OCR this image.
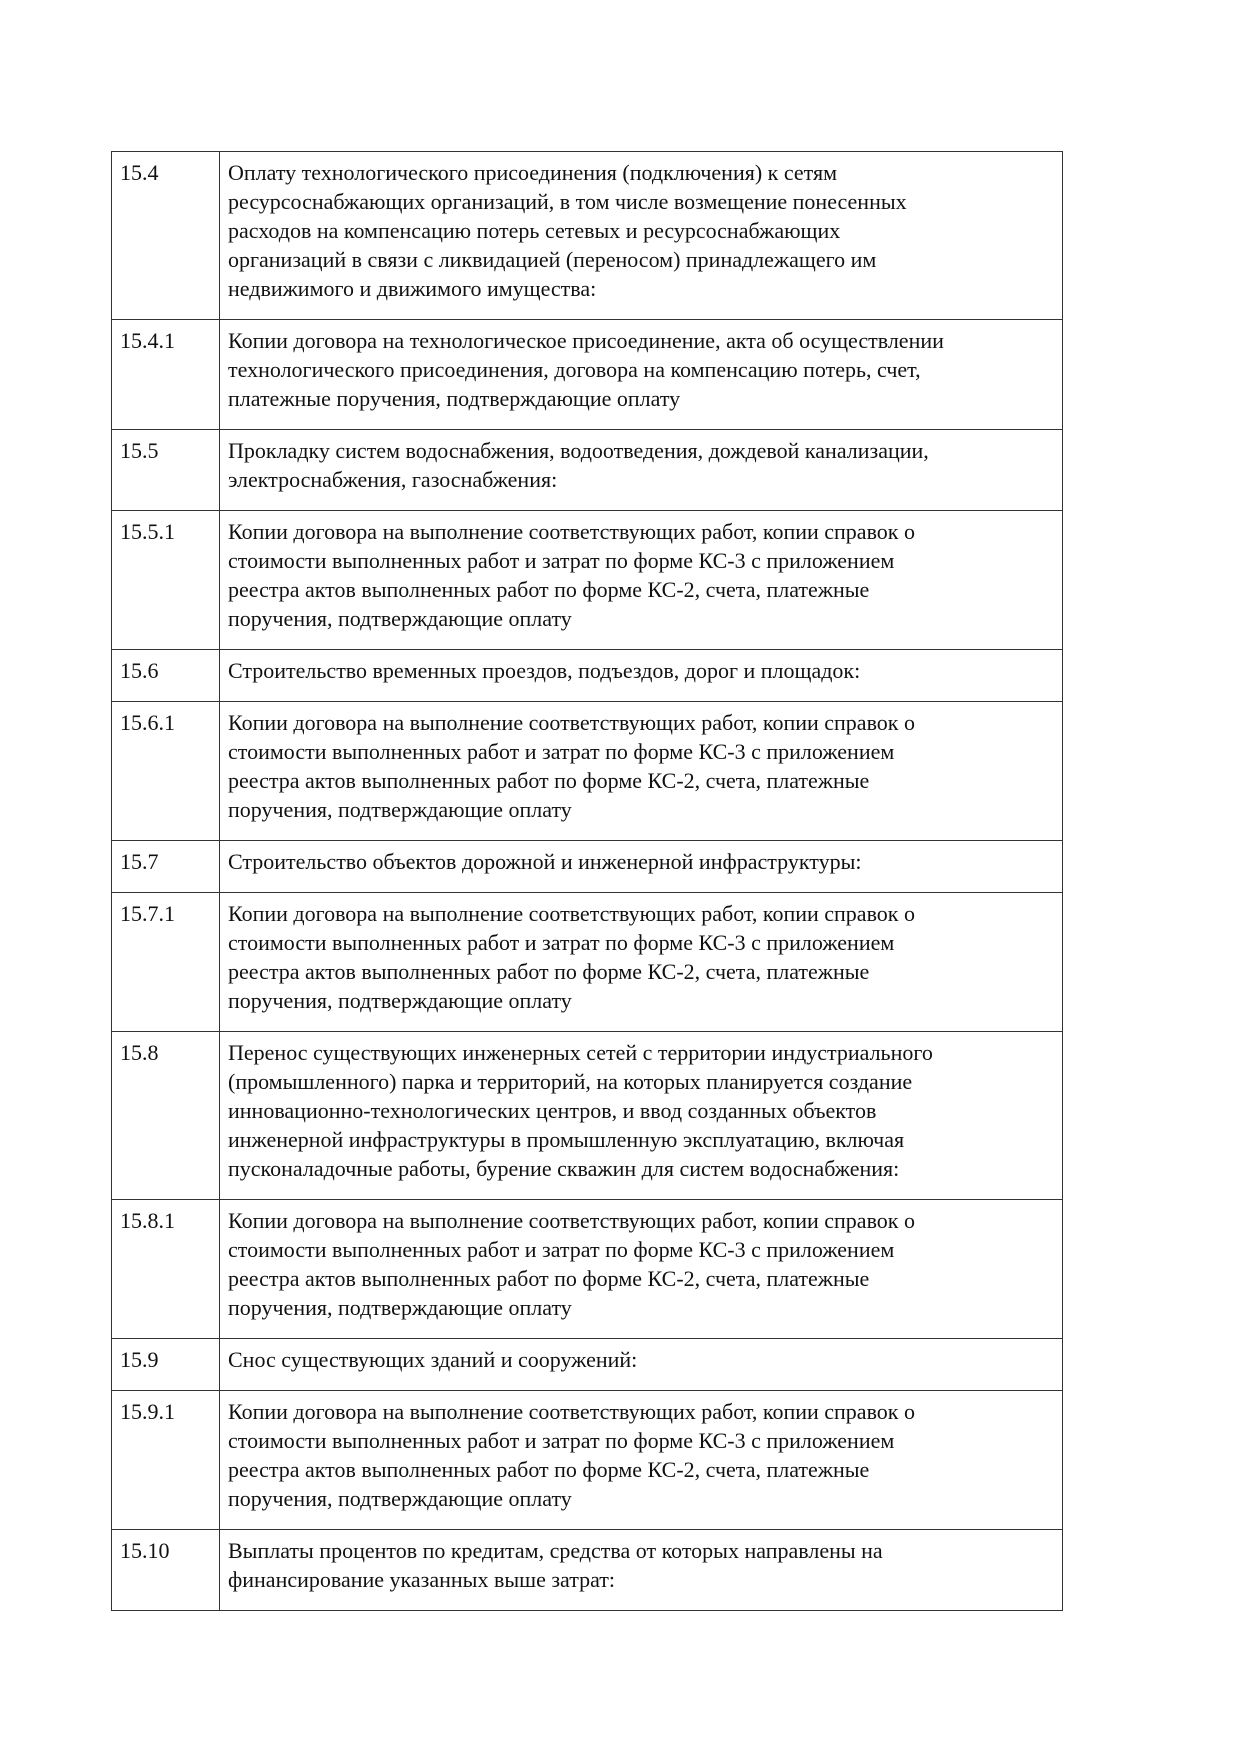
15.4	Оплату технологического присоединения (подключения) к сетям
ресурсоснабжающих организаций, в том числе возмещение понесенных
расходов на компенсацию потерь сетевых и ресурсоснабжающих
организаций в связи с ликвидацией (переносом) принадлежащего им
недвижимого и движимого имущества:

15.4.1	Копии договора на технологическое присоединение, акта об осуществлении
технологического присоединения, договора на компенсацию потерь, счет,
платежные поручения, подтверждающие оплату

15.5	Прокладку систем водоснабжения, водоотведения, дождевой канализации,
электроснабжения, газоснабжения:

15.5.1	Копии договора на выполнение соответствующих работ, копии справок о
стоимости выполненных работ и затрат по форме КС-3 с приложением
реестра актов выполненных работ по форме КС-2, счета, платежные
поручения, подтверждающие оплату

15.6	Строительство временных проездов, подъездов, дорог и площадок:

15.6.1	Копии договора на выполнение соответствующих работ, копии справок о
стоимости выполненных работ и затрат по форме КС-3 с приложением
реестра актов выполненных работ по форме КС-2, счета, платежные
поручения, подтверждающие оплату

15.7	Строительство объектов дорожной и инженерной инфраструктуры:

15.7.1	Копии договора на выполнение соответствующих работ, копии справок о
стоимости выполненных работ и затрат по форме КС-3 с приложением
реестра актов выполненных работ по форме КС-2, счета, платежные
поручения, подтверждающие оплату

15.8	Перенос существующих инженерных сетей с территории индустриального
(промышленного) парка и территорий, на которых планируется создание
инновационно-технологических центров, и ввод созданных объектов
инженерной инфраструктуры в промышленную эксплуатацию, включая
пусконаладочные работы, бурение скважин для систем водоснабжения:

15.8.1	Копии договора на выполнение соответствующих работ, копии справок о
стоимости выполненных работ и затрат по форме КС-3 с приложением
реестра актов выполненных работ по форме КС-2, счета, платежные
поручения, подтверждающие оплату

15.9	Снос существующих зданий и сооружений:

15.9.1	Копии договора на выполнение соответствующих работ, копии справок о
стоимости выполненных работ и затрат по форме КС-3 с приложением
реестра актов выполненных работ по форме КС-2, счета, платежные
поручения, подтверждающие оплату

15.10	Выплаты процентов по кредитам, средства от которых направлены на
финансирование указанных выше затрат:
